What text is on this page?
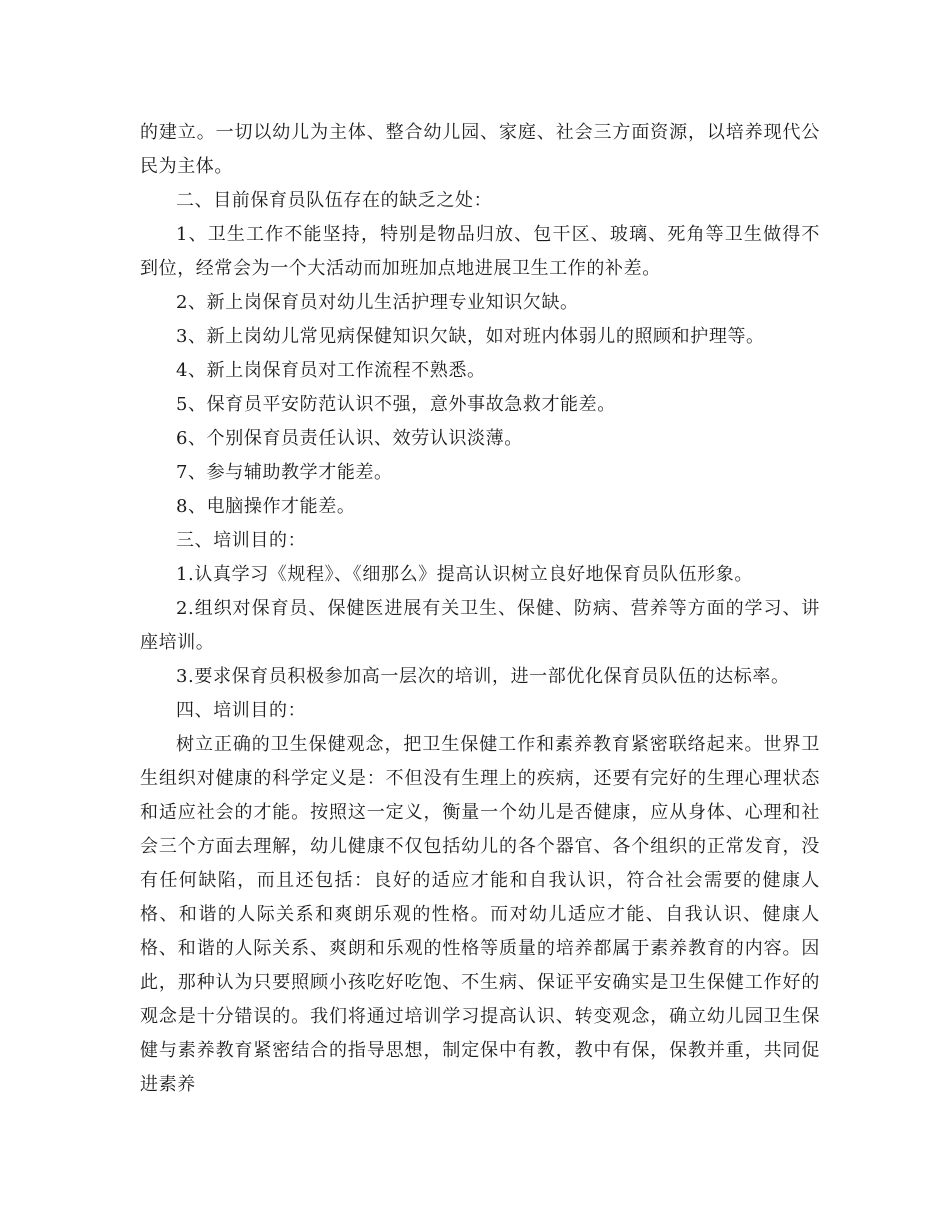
的建立。一切以幼儿为主体、整合幼儿园、家庭、社会三方面资源，以培养现代公民为主体。

二、目前保育员队伍存在的缺乏之处：

1、卫生工作不能坚持，特别是物品归放、包干区、玻璃、死角等卫生做得不到位，经常会为一个大活动而加班加点地进展卫生工作的补差。

2、新上岗保育员对幼儿生活护理专业知识欠缺。

3、新上岗幼儿常见病保健知识欠缺，如对班内体弱儿的照顾和护理等。

4、新上岗保育员对工作流程不熟悉。

5、保育员平安防范认识不强，意外事故急救才能差。

6、个别保育员责任认识、效劳认识淡薄。

7、参与辅助教学才能差。

8、电脑操作才能差。

三、培训目的：

1.认真学习《规程》、《细那么》提高认识树立良好地保育员队伍形象。

2.组织对保育员、保健医进展有关卫生、保健、防病、营养等方面的学习、讲座培训。

3.要求保育员积极参加高一层次的培训，进一部优化保育员队伍的达标率。

四、培训目的：

树立正确的卫生保健观念，把卫生保健工作和素养教育紧密联络起来。世界卫生组织对健康的科学定义是：不但没有生理上的疾病，还要有完好的生理心理状态和适应社会的才能。按照这一定义，衡量一个幼儿是否健康，应从身体、心理和社会三个方面去理解，幼儿健康不仅包括幼儿的各个器官、各个组织的正常发育，没有任何缺陷，而且还包括：良好的适应才能和自我认识，符合社会需要的健康人格、和谐的人际关系和爽朗乐观的性格。而对幼儿适应才能、自我认识、健康人格、和谐的人际关系、爽朗和乐观的性格等质量的培养都属于素养教育的内容。因此，那种认为只要照顾小孩吃好吃饱、不生病、保证平安确实是卫生保健工作好的观念是十分错误的。我们将通过培训学习提高认识、转变观念，确立幼儿园卫生保健与素养教育紧密结合的指导思想，制定保中有教，教中有保，保教并重，共同促进素养
